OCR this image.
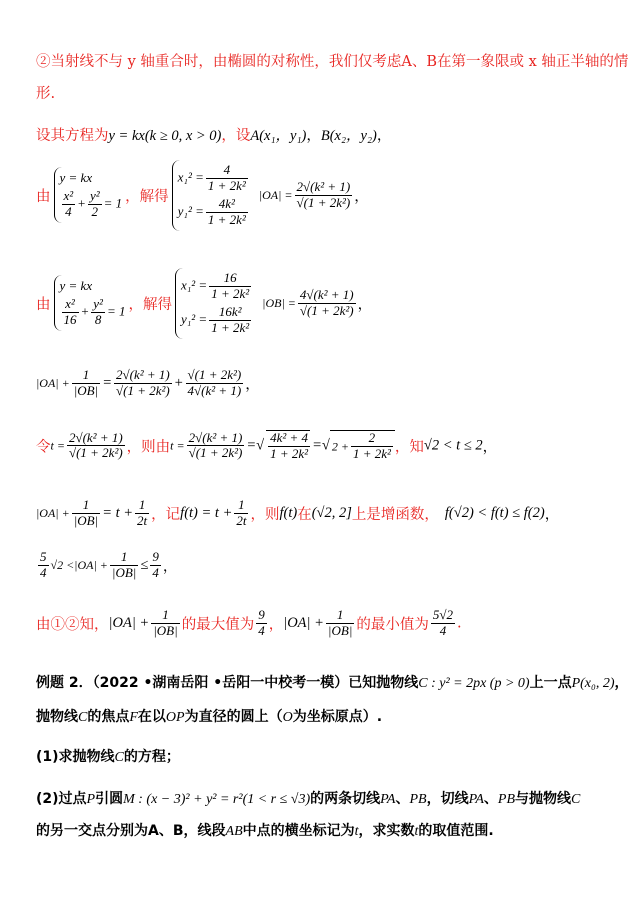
②当射线不与 y 轴重合时，由椭圆的对称性，我们仅考虑A、B在第一象限或 x 轴正半轴的情
形.
设其方程为y = kx(k ≥ 0, x > 0)，设A(x₁，y₁)，B(x₂，y₂)，
由
y = kx
$\frac{\text{x²}}{4} + \frac{\text{y²}}{2} = 1$ ，解得
$x_1^2 = \frac{4}{\text{1 + 2k²}}$
$y_1^2 = \frac{\text{4k²}}{\text{1 + 2k²}}$
$|OA| = \frac{\text{2√(k² + 1)}}{\text{√(1 + 2k²)}}$ ，
由
y = kx
$\frac{\text{x²}}{16} + \frac{\text{y²}}{8} = 1$ ，解得
$x_1^2 = \frac{16}{\text{1 + 2k²}}$
$y_1^2 = \frac{\text{16k²}}{\text{1 + 2k²}}$
$|OB| = \frac{\text{4√(k² + 1)}}{\text{√(1 + 2k²)}}$ ，
$|OA| + \frac{1}{|OB|} = \frac{\text{2√(k² + 1)}}{\text{√(1 + 2k²)}} + \frac{\text{√(1 + 2k²)}}{\text{4√(k² + 1)}}$ ，
令$t = \frac{\text{2√(k² + 1)}}{\text{√(1 + 2k²)}}$ ，则由$t = \frac{\text{2√(k² + 1)}}{\text{√(1 + 2k²)}}$ =√ $\frac{\text{4k² + 4}}{\text{1 + 2k²}}$ =√ $2 + \frac{2}{\text{1 + 2k²}}$ ，知√2 < t ≤ 2，
$|OA| + \frac{1}{|OB|} = t + \frac{1}{2t}$ ，记$f(t) = t + \frac{1}{2t}$ ，则f(t)在(√2, 2]上是增函数， f(√2) < f(t) ≤ f(2)，
$\frac{5}{4} √2 <|OA| + \frac{1}{|OB|} \le \frac{9}{4}$ ，
由①②知，$|OA| + \frac{1}{|OB|}$ 的最大值为 $\frac{9}{4}$ ，$|OA| + \frac{1}{|OB|}$ 的最小值为 $\frac{5√2}{4}$ .
例题 2．（2022 •湖南岳阳 •岳阳一中校考一模）已知抛物线C : y² = 2px (p > 0)上一点P(x₀, 2)，
抛物线C的焦点F在以OP为直径的圆上（O为坐标原点）.
(1)求抛物线C的方程；
(2)过点P引圆M : (x − 3)² + y² = r²(1 < r ≤ √3)的两条切线PA、PB，切线PA、PB与抛物线C
的另一交点分别为A、B，线段AB中点的横坐标记为t，求实数t的取值范围.
